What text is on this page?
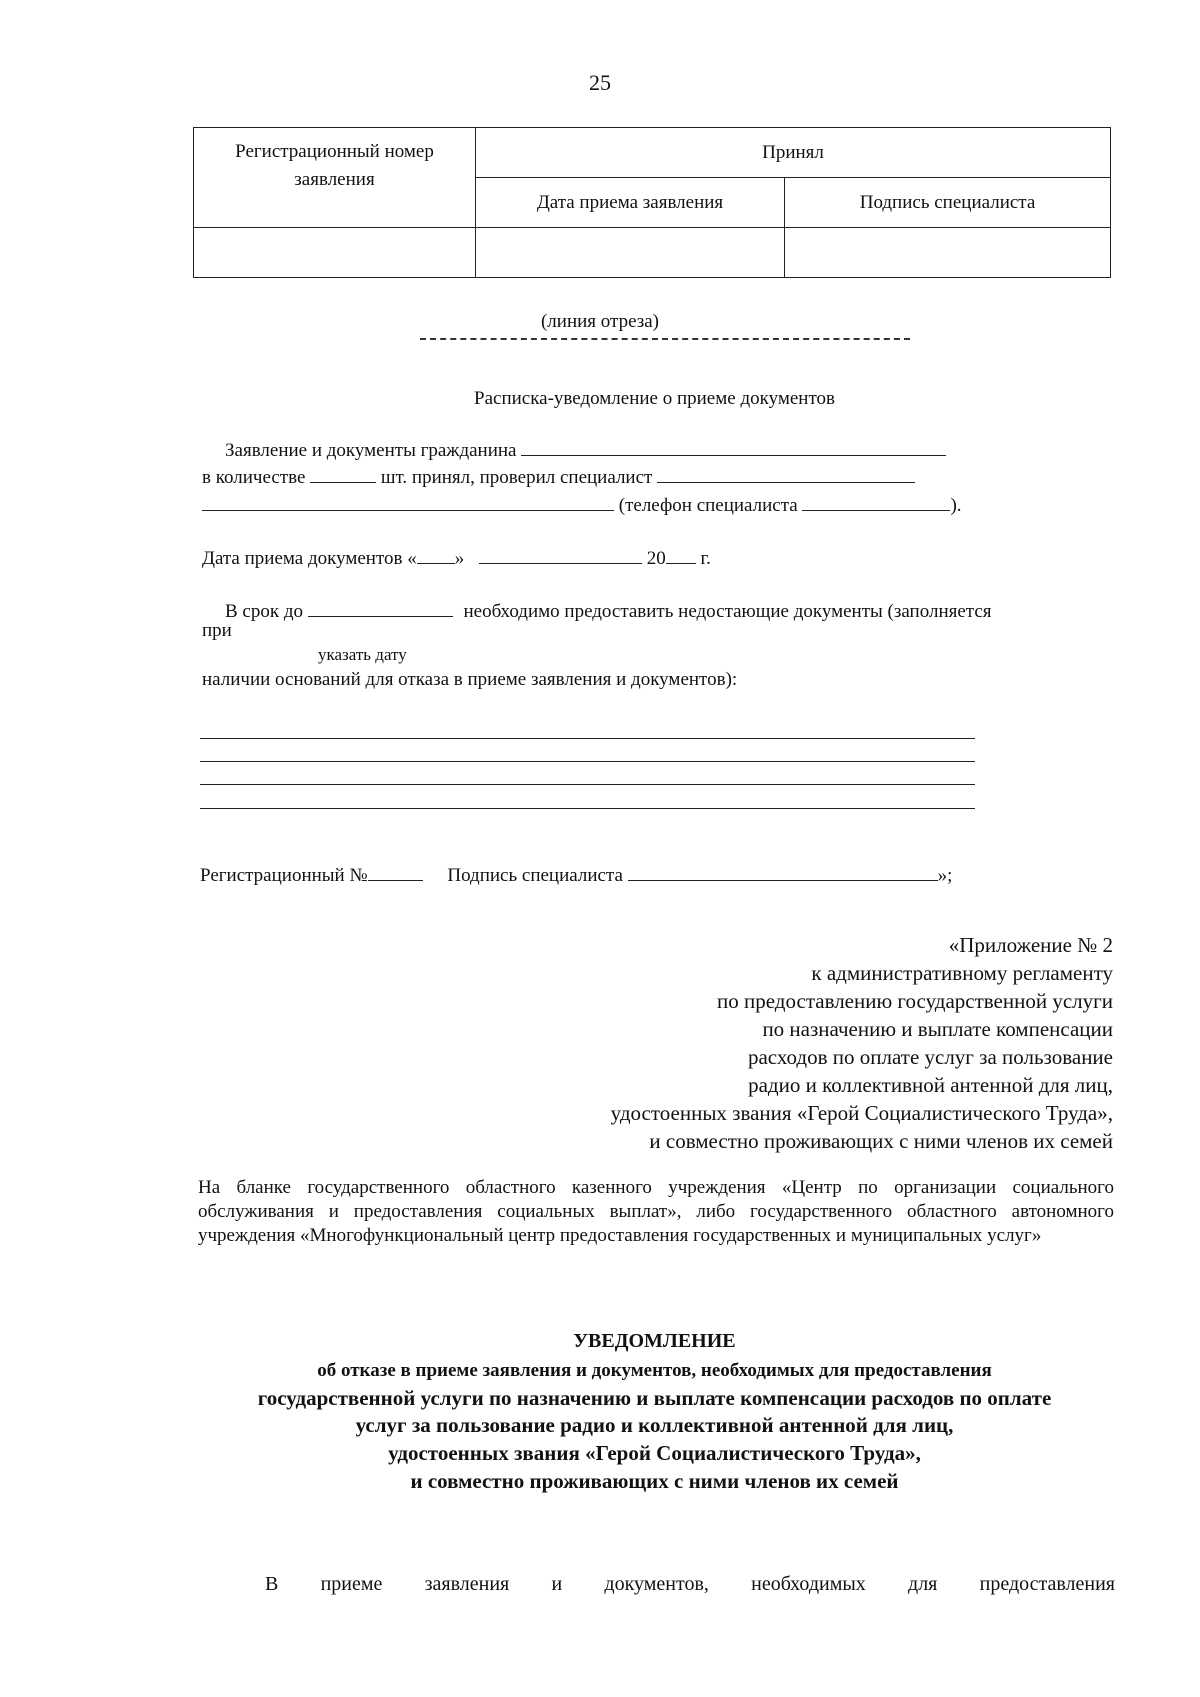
25
Регистрационный номер заявления	Принял	
	Дата приема заявления	Подпись специалиста

(линия отреза)
Расписка-уведомление о приеме документов
Заявление и документы гражданина
в количестве	шт. принял, проверил специалист
(телефон специалиста	).
Дата приема документов « »	20 г.
В срок до	необходимо предоставить недостающие документы (заполняется
при
указать дату
наличии оснований для отказа в приеме заявления и документов):
Регистрационный №	Подпись специалиста	»;
«Приложение № 2
к административному регламенту
по предоставлению государственной услуги
по назначению и выплате компенсации
расходов по оплате услуг за пользование
радио и коллективной антенной для лиц,
удостоенных звания «Герой Социалистического Труда»,
и совместно проживающих с ними членов их семей
На бланке государственного областного казенного учреждения «Центр по организации социального обслуживания и предоставления социальных выплат», либо государственного областного автономного учреждения «Многофункциональный центр предоставления государственных и муниципальных услуг»
УВЕДОМЛЕНИЕ
об отказе в приеме заявления и документов, необходимых для предоставления
государственной услуги по назначению и выплате компенсации расходов по оплате
услуг за пользование радио и коллективной антенной для лиц,
удостоенных звания «Герой Социалистического Труда»,
и совместно проживающих с ними членов их семей
В приеме заявления и документов, необходимых для предоставления
